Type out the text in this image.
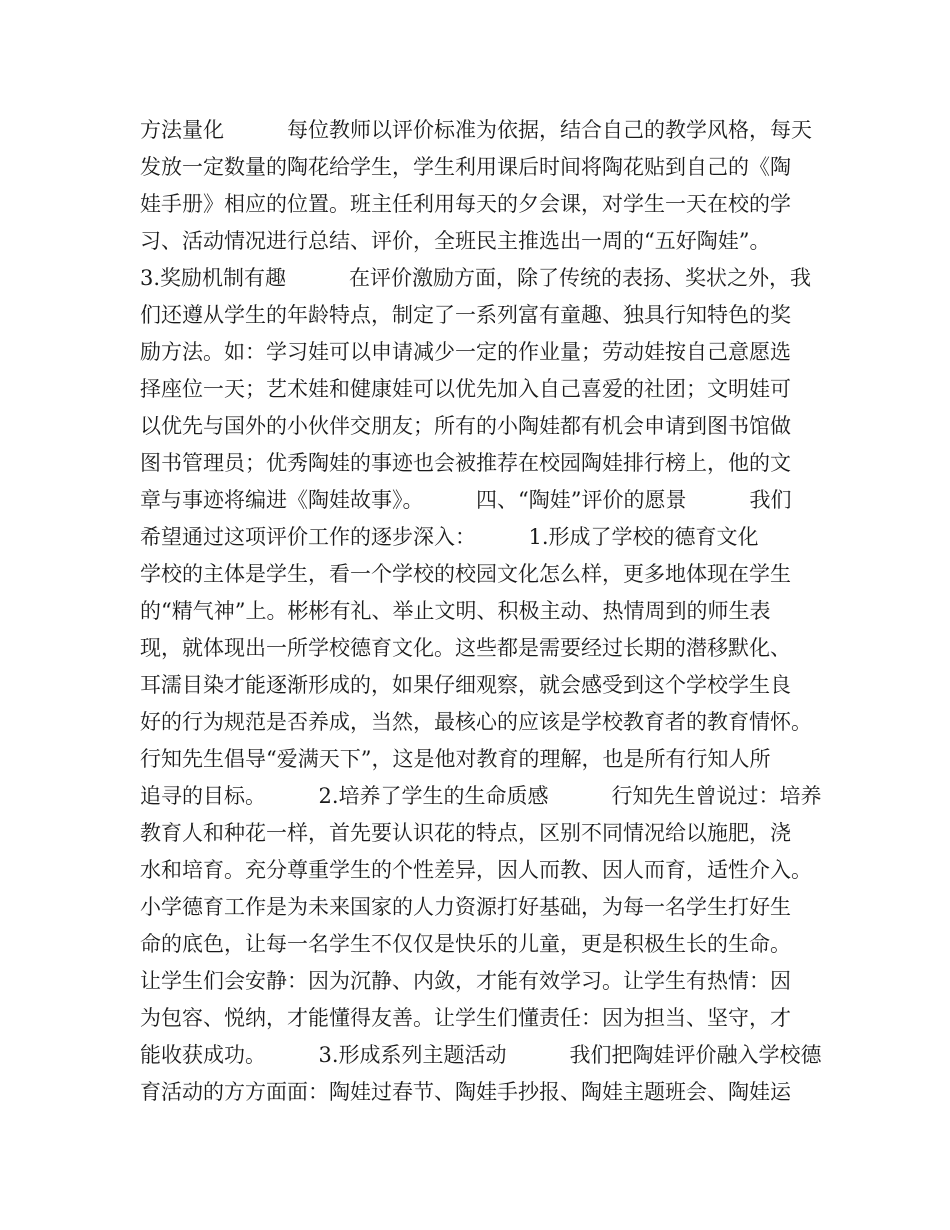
方法量化　　　每位教师以评价标准为依据，结合自己的教学风格，每天
发放一定数量的陶花给学生，学生利用课后时间将陶花贴到自己的《陶
娃手册》相应的位置。班主任利用每天的夕会课，对学生一天在校的学
习、活动情况进行总结、评价，全班民主推选出一周的“五好陶娃”。
3.奖励机制有趣　　　在评价激励方面，除了传统的表扬、奖状之外，我
们还遵从学生的年龄特点，制定了一系列富有童趣、独具行知特色的奖
励方法。如：学习娃可以申请减少一定的作业量；劳动娃按自己意愿选
择座位一天；艺术娃和健康娃可以优先加入自己喜爱的社团；文明娃可
以优先与国外的小伙伴交朋友；所有的小陶娃都有机会申请到图书馆做
图书管理员；优秀陶娃的事迹也会被推荐在校园陶娃排行榜上，他的文
章与事迹将编进《陶娃故事》。　　　四、“陶娃”评价的愿景　　　我们
希望通过这项评价工作的逐步深入：　　　1.形成了学校的德育文化
学校的主体是学生，看一个学校的校园文化怎么样，更多地体现在学生
的“精气神”上。彬彬有礼、举止文明、积极主动、热情周到的师生表
现，就体现出一所学校德育文化。这些都是需要经过长期的潜移默化、
耳濡目染才能逐渐形成的，如果仔细观察，就会感受到这个学校学生良
好的行为规范是否养成，当然，最核心的应该是学校教育者的教育情怀。
行知先生倡导“爱满天下”，这是他对教育的理解，也是所有行知人所
追寻的目标。　　　2.培养了学生的生命质感　　　行知先生曾说过：培养
教育人和种花一样，首先要认识花的特点，区别不同情况给以施肥，浇
水和培育。充分尊重学生的个性差异，因人而教、因人而育，适性介入。
小学德育工作是为未来国家的人力资源打好基础，为每一名学生打好生
命的底色，让每一名学生不仅仅是快乐的儿童，更是积极生长的生命。
让学生们会安静：因为沉静、内敛，才能有效学习。让学生有热情：因
为包容、悦纳，才能懂得友善。让学生们懂责任：因为担当、坚守，才
能收获成功。　　　3.形成系列主题活动　　　我们把陶娃评价融入学校德
育活动的方方面面：陶娃过春节、陶娃手抄报、陶娃主题班会、陶娃运
